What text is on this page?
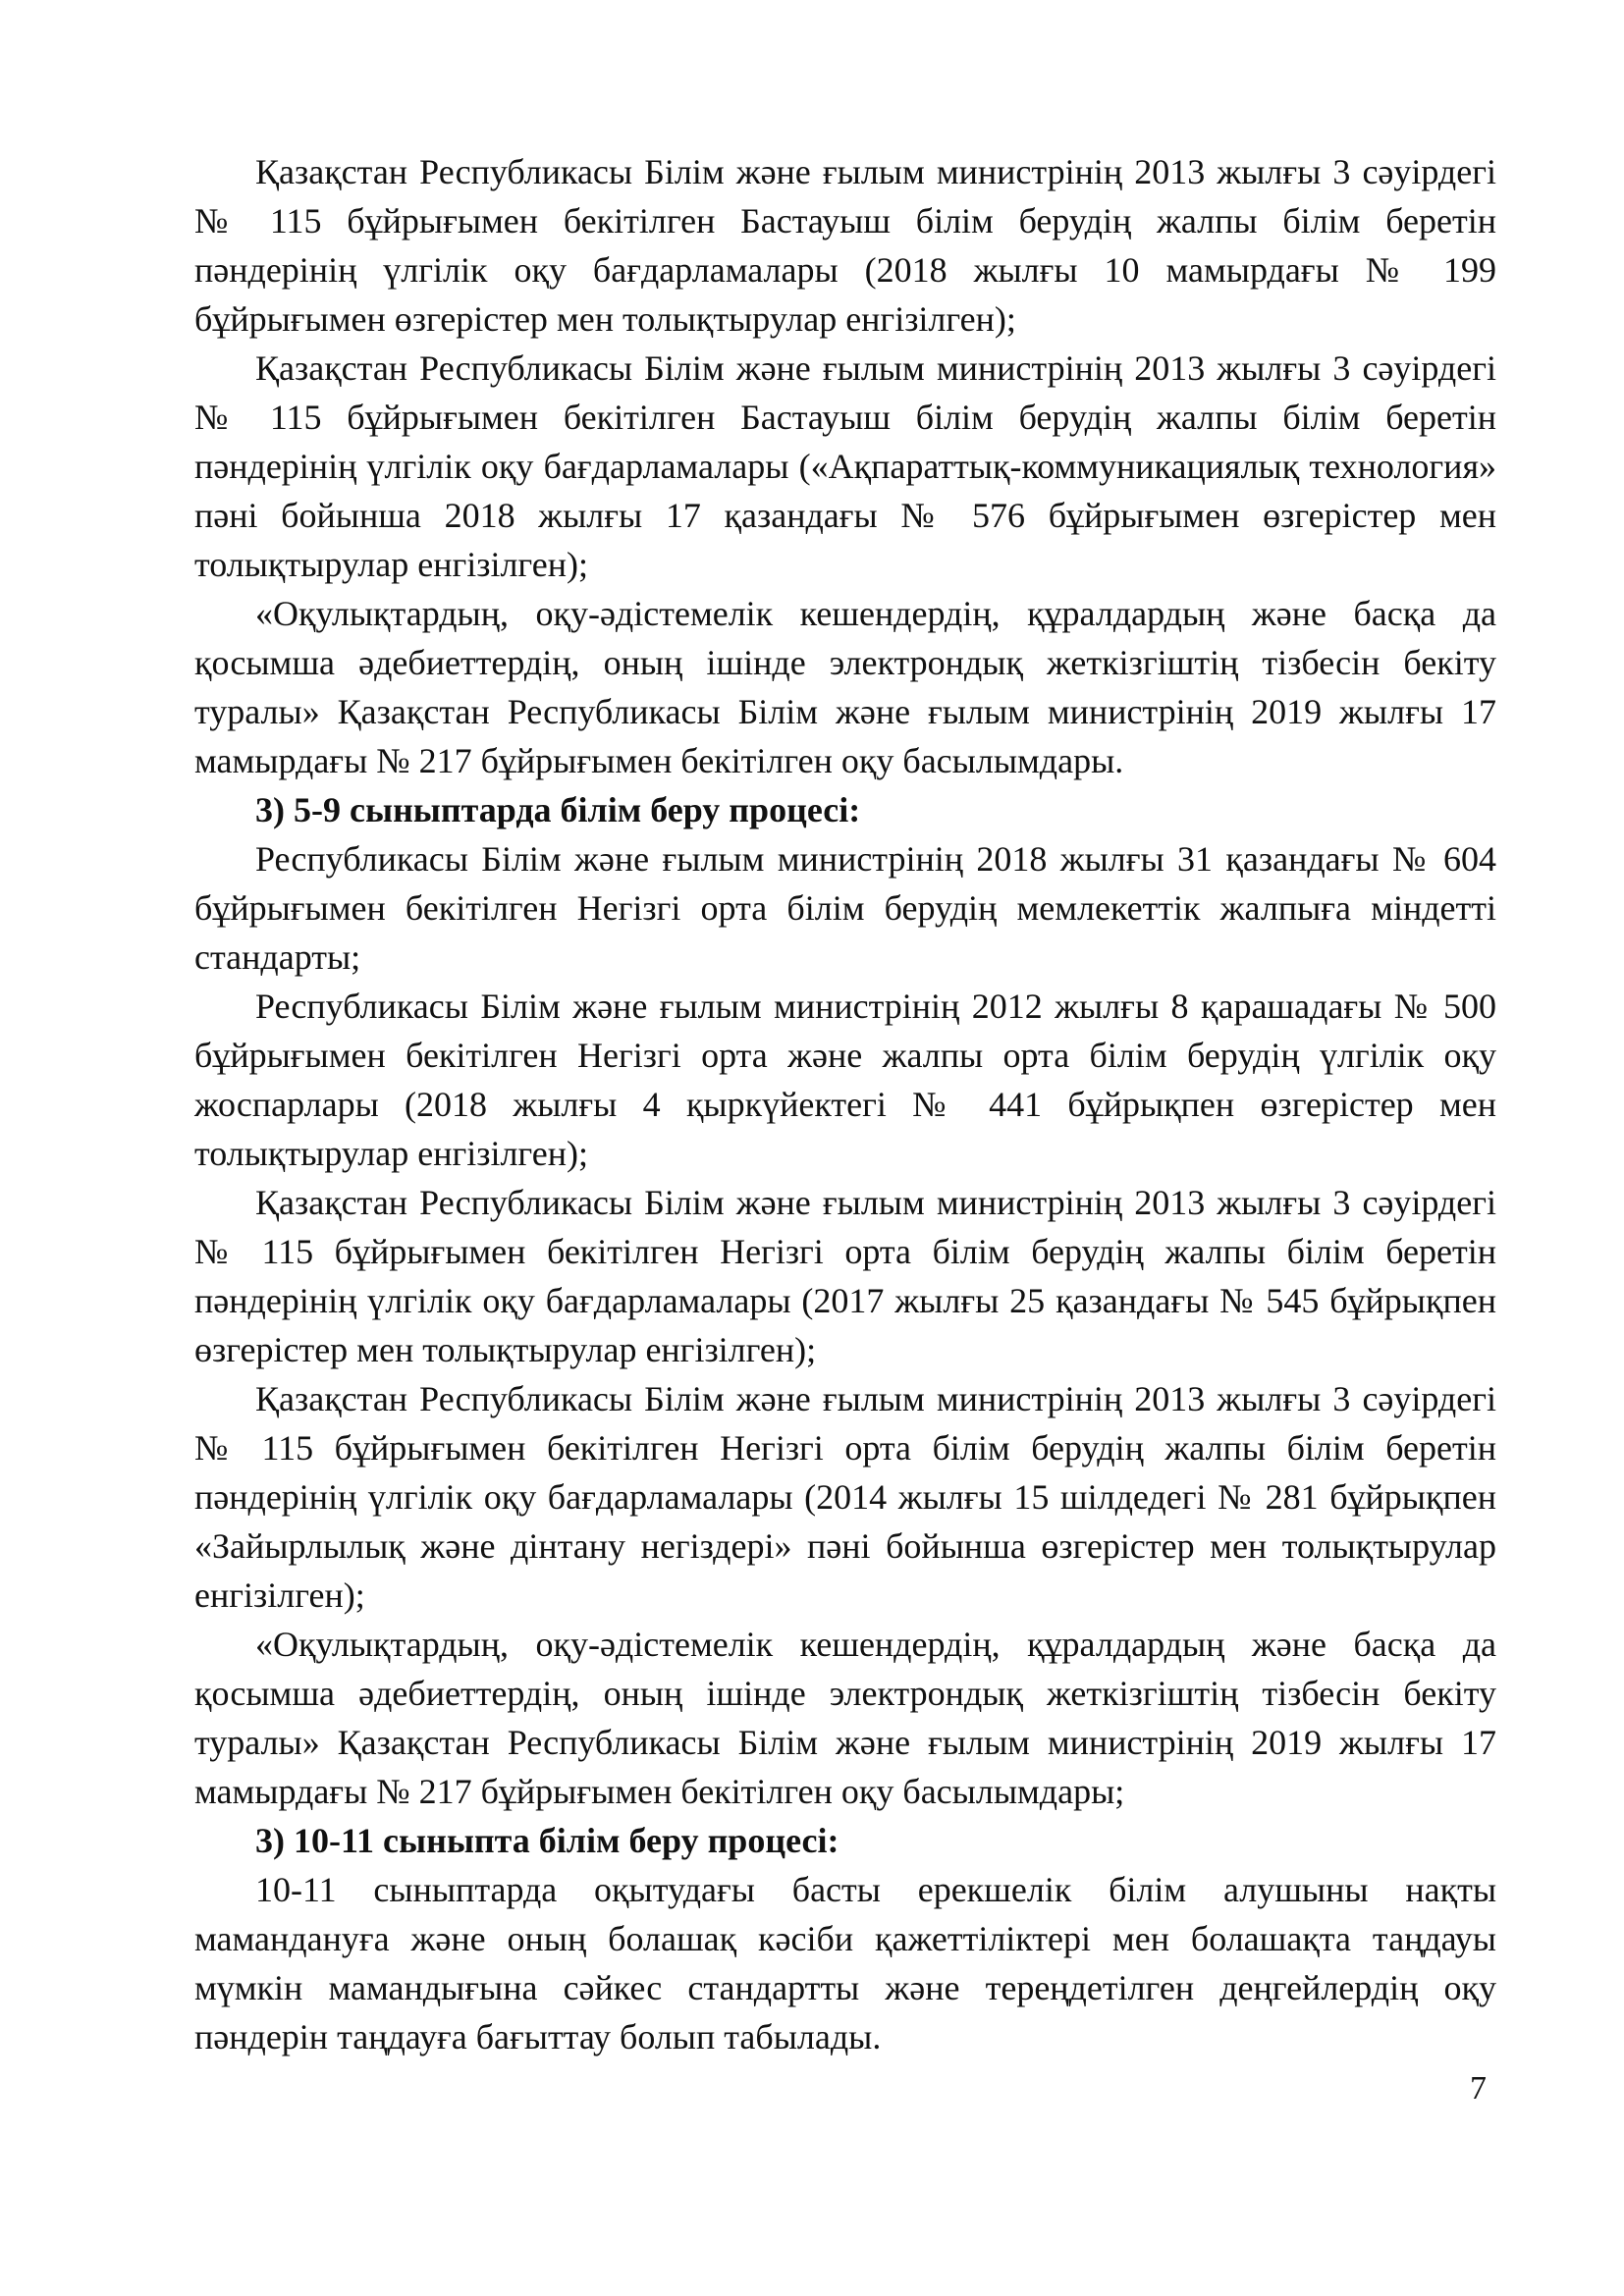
Қазақстан Республикасы Білім және ғылым министрінің 2013 жылғы 3 сәуірдегі № 115 бұйрығымен бекітілген Бастауыш білім берудің жалпы білім беретін пәндерінің үлгілік оқу бағдарламалары (2018 жылғы 10 мамырдағы № 199 бұйрығымен өзгерістер мен толықтырулар енгізілген);

Қазақстан Республикасы Білім және ғылым министрінің 2013 жылғы 3 сәуірдегі № 115 бұйрығымен бекітілген Бастауыш білім берудің жалпы білім беретін пәндерінің үлгілік оқу бағдарламалары («Ақпараттық-коммуникациялық технология» пәні бойынша 2018 жылғы 17 қазандағы № 576 бұйрығымен өзгерістер мен толықтырулар енгізілген);

«Оқулықтардың, оқу-әдістемелік кешендердің, құралдардың және басқа да қосымша әдебиеттердің, оның ішінде электрондық жеткізгіштің тізбесін бекіту туралы» Қазақстан Республикасы Білім және ғылым министрінің 2019 жылғы 17 мамырдағы № 217 бұйрығымен бекітілген оқу басылымдары.

3) 5-9 сыныптарда білім беру процесі:

Республикасы Білім және ғылым министрінің 2018 жылғы 31 қазандағы № 604 бұйрығымен бекітілген Негізгі орта білім берудің мемлекеттік жалпыға міндетті стандарты;

Республикасы Білім және ғылым министрінің 2012 жылғы 8 қарашадағы № 500 бұйрығымен бекітілген Негізгі орта және жалпы орта білім берудің үлгілік оқу жоспарлары (2018 жылғы 4 қыркүйектегі № 441 бұйрықпен өзгерістер мен толықтырулар енгізілген);

Қазақстан Республикасы Білім және ғылым министрінің 2013 жылғы 3 сәуірдегі № 115 бұйрығымен бекітілген Негізгі орта білім берудің жалпы білім беретін пәндерінің үлгілік оқу бағдарламалары (2017 жылғы 25 қазандағы № 545 бұйрықпен өзгерістер мен толықтырулар енгізілген);

Қазақстан Республикасы Білім және ғылым министрінің 2013 жылғы 3 сәуірдегі № 115 бұйрығымен бекітілген Негізгі орта білім берудің жалпы білім беретін пәндерінің үлгілік оқу бағдарламалары (2014 жылғы 15 шілдедегі № 281 бұйрықпен «Зайырлылық және дінтану негіздері» пәні бойынша өзгерістер мен толықтырулар енгізілген);

«Оқулықтардың, оқу-әдістемелік кешендердің, құралдардың және басқа да қосымша әдебиеттердің, оның ішінде электрондық жеткізгіштің тізбесін бекіту туралы» Қазақстан Республикасы Білім және ғылым министрінің 2019 жылғы 17 мамырдағы № 217 бұйрығымен бекітілген оқу басылымдары;

3) 10-11 сыныпта білім беру процесі:

10-11 сыныптарда оқытудағы басты ерекшелік білім алушыны нақты мамандануға және оның болашақ кәсіби қажеттіліктері мен болашақта таңдауы мүмкін мамандығына сәйкес стандартты және тереңдетілген деңгейлердің оқу пәндерін таңдауға бағыттау болып табылады.

7
